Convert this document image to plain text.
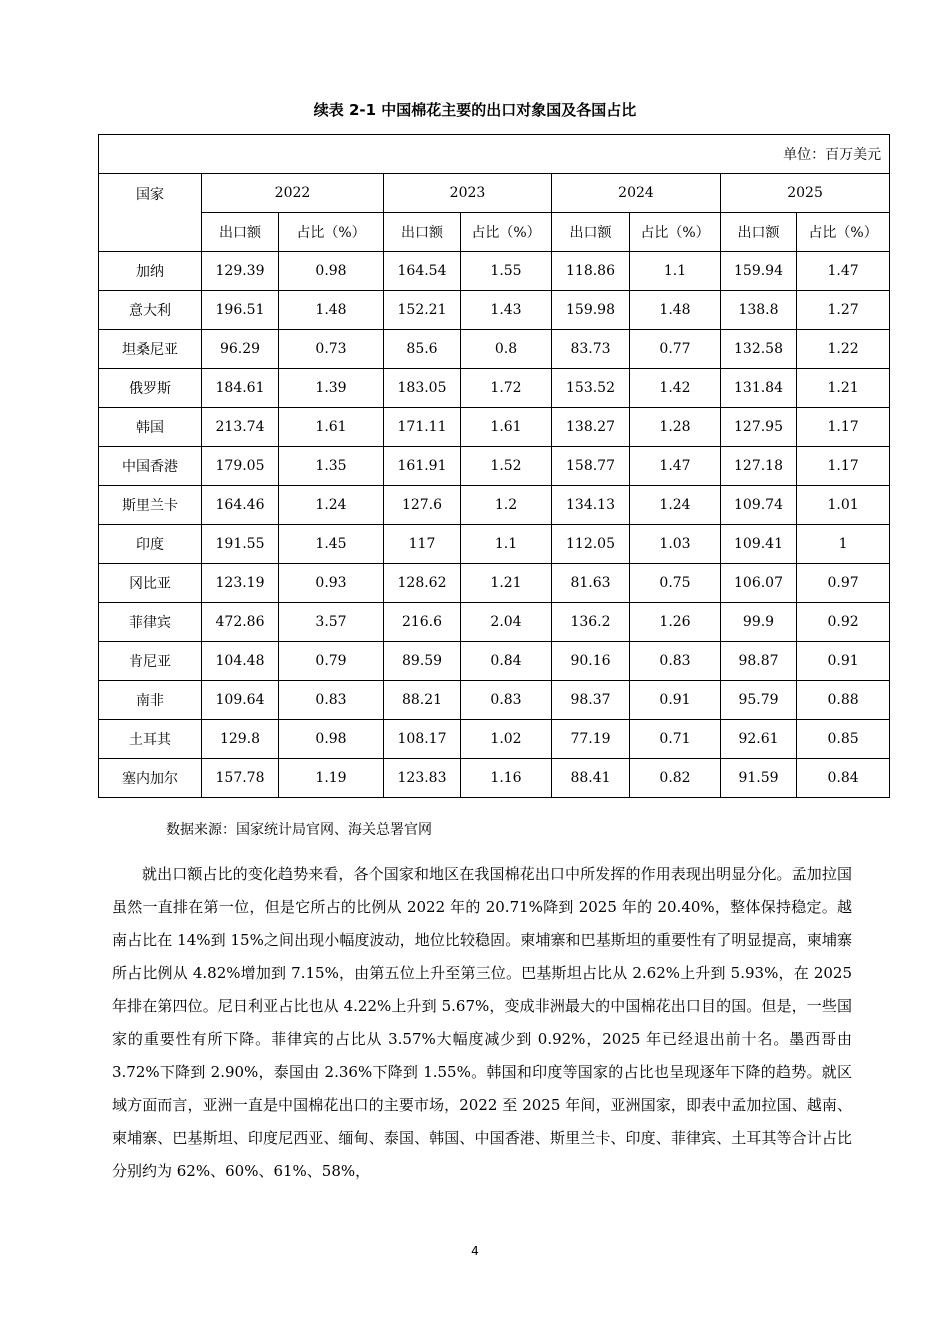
续表 2-1 中国棉花主要的出口对象国及各国占比
单位：百万美元								
国家	2022		2023		2024		2025	
	出口额	占比（%）	出口额	占比（%）	出口额	占比（%）	出口额	占比（%）
加纳	129.39	0.98	164.54	1.55	118.86	1.1	159.94	1.47
意大利	196.51	1.48	152.21	1.43	159.98	1.48	138.8	1.27
坦桑尼亚	96.29	0.73	85.6	0.8	83.73	0.77	132.58	1.22
俄罗斯	184.61	1.39	183.05	1.72	153.52	1.42	131.84	1.21
韩国	213.74	1.61	171.11	1.61	138.27	1.28	127.95	1.17
中国香港	179.05	1.35	161.91	1.52	158.77	1.47	127.18	1.17
斯里兰卡	164.46	1.24	127.6	1.2	134.13	1.24	109.74	1.01
印度	191.55	1.45	117	1.1	112.05	1.03	109.41	1
冈比亚	123.19	0.93	128.62	1.21	81.63	0.75	106.07	0.97
菲律宾	472.86	3.57	216.6	2.04	136.2	1.26	99.9	0.92
肯尼亚	104.48	0.79	89.59	0.84	90.16	0.83	98.87	0.91
南非	109.64	0.83	88.21	0.83	98.37	0.91	95.79	0.88
土耳其	129.8	0.98	108.17	1.02	77.19	0.71	92.61	0.85
塞内加尔	157.78	1.19	123.83	1.16	88.41	0.82	91.59	0.84
数据来源：国家统计局官网、海关总署官网

就出口额占比的变化趋势来看，各个国家和地区在我国棉花出口中所发挥的作用表现出明显分化。孟加拉国虽然一直排在第一位，但是它所占的比例从 2022 年的 20.71%降到 2025 年的 20.40%，整体保持稳定。越南占比在 14%到 15%之间出现小幅度波动，地位比较稳固。柬埔寨和巴基斯坦的重要性有了明显提高，柬埔寨所占比例从 4.82%增加到 7.15%，由第五位上升至第三位。巴基斯坦占比从 2.62%上升到 5.93%，在 2025 年排在第四位。尼日利亚占比也从 4.22%上升到 5.67%，变成非洲最大的中国棉花出口目的国。但是，一些国家的重要性有所下降。菲律宾的占比从 3.57%大幅度减少到 0.92%，2025 年已经退出前十名。墨西哥由 3.72%下降到 2.90%，泰国由 2.36%下降到 1.55%。韩国和印度等国家的占比也呈现逐年下降的趋势。就区域方面而言，亚洲一直是中国棉花出口的主要市场，2022 至 2025 年间，亚洲国家，即表中孟加拉国、越南、柬埔寨、巴基斯坦、印度尼西亚、缅甸、泰国、韩国、中国香港、斯里兰卡、印度、菲律宾、土耳其等合计占比分别约为 62%、60%、61%、58%，

4
